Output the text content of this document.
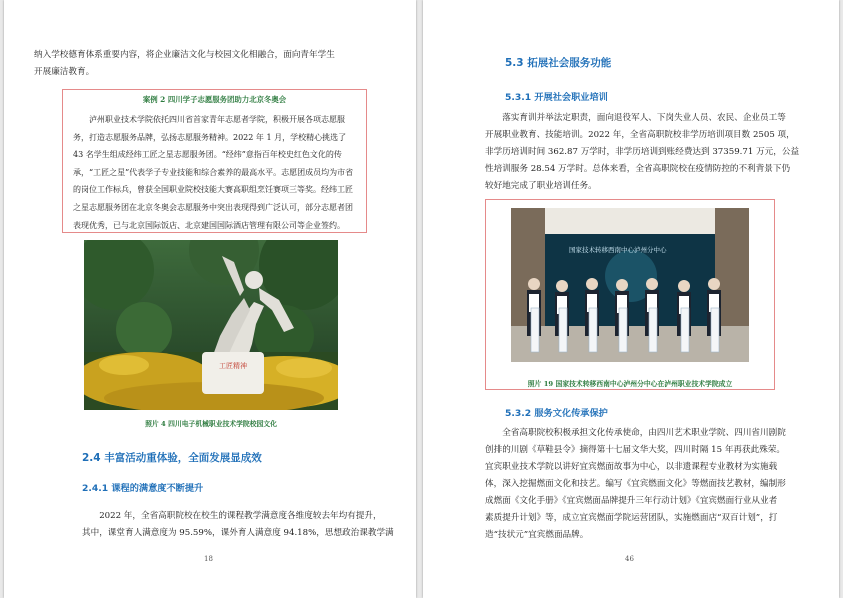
纳入学校德育体系重要内容，将企业廉洁文化与校园文化相融合，面向青年学生

开展廉洁教育。

案例 2 四川学子志愿服务团助力北京冬奥会
泸州职业技术学院依托四川省首家青年志愿者学院，积极开展各项志愿服务，打造志愿服务品牌，弘扬志愿服务精神。2022 年 1 月，学校精心挑选了 43 名学生组成经纬工匠之星志愿服务团。“经纬”意指百年校史红色文化的传承，“工匠之星”代表学子专业技能和综合素养的最高水平。志愿团成员均为市省的岗位工作标兵，曾获全国职业院校技能大赛高职组烹饪赛项三等奖。经纬工匠之星志愿服务团在北京冬奥会志愿服务中突出表现得到广泛认可，部分志愿者团表现优秀，已与北京国际饭店、北京建国国际酒店管理有限公司等企业签约。
工匠精神
照片 4 四川电子机械职业技术学院校园文化
2.4 丰富活动重体验，全面发展显成效
2.4.1 课程的满意度不断提升

2022 年，全省高职院校在校生的课程教学满意度各维度较去年均有提升，

其中，课堂育人满意度为 95.59%，课外育人满意度 94.18%，思想政治课教学满

18
5.3 拓展社会服务功能
5.3.1 开展社会职业培训

落实育训并举法定职责，面向退役军人、下岗失业人员、农民、企业员工等

开展职业教育、技能培训。2022 年，全省高职院校非学历培训项目数 2505 项，

非学历培训时间 362.87 万学时，非学历培训到账经费达到 37359.71 万元，公益

性培训服务 28.54 万学时。总体来看，全省高职院校在疫情防控的不利背景下仍

较好地完成了职业培训任务。

国家技术转移西南中心泸州分中心
照片 19 国家技术转移西南中心泸州分中心在泸州职业技术学院成立
5.3.2 服务文化传承保护

全省高职院校积极承担文化传承使命，由四川艺术职业学院、四川省川剧院

创排的川剧《草鞋县令》摘得第十七届文华大奖，四川时隔 15 年再获此殊荣。

宜宾职业技术学院以讲好宜宾燃面故事为中心，以非遗课程专业教材为实施载

体，深入挖掘燃面文化和技艺。编写《宜宾燃面文化》等燃面技艺教材，编制形

成燃面《文化手册》《宜宾燃面品牌提升三年行动计划》《宜宾燃面行业从业者

素质提升计划》等，成立宜宾燃面学院运营团队，实施燃面店“双百计划”，打

造“技状元”宜宾燃面品牌。

46
